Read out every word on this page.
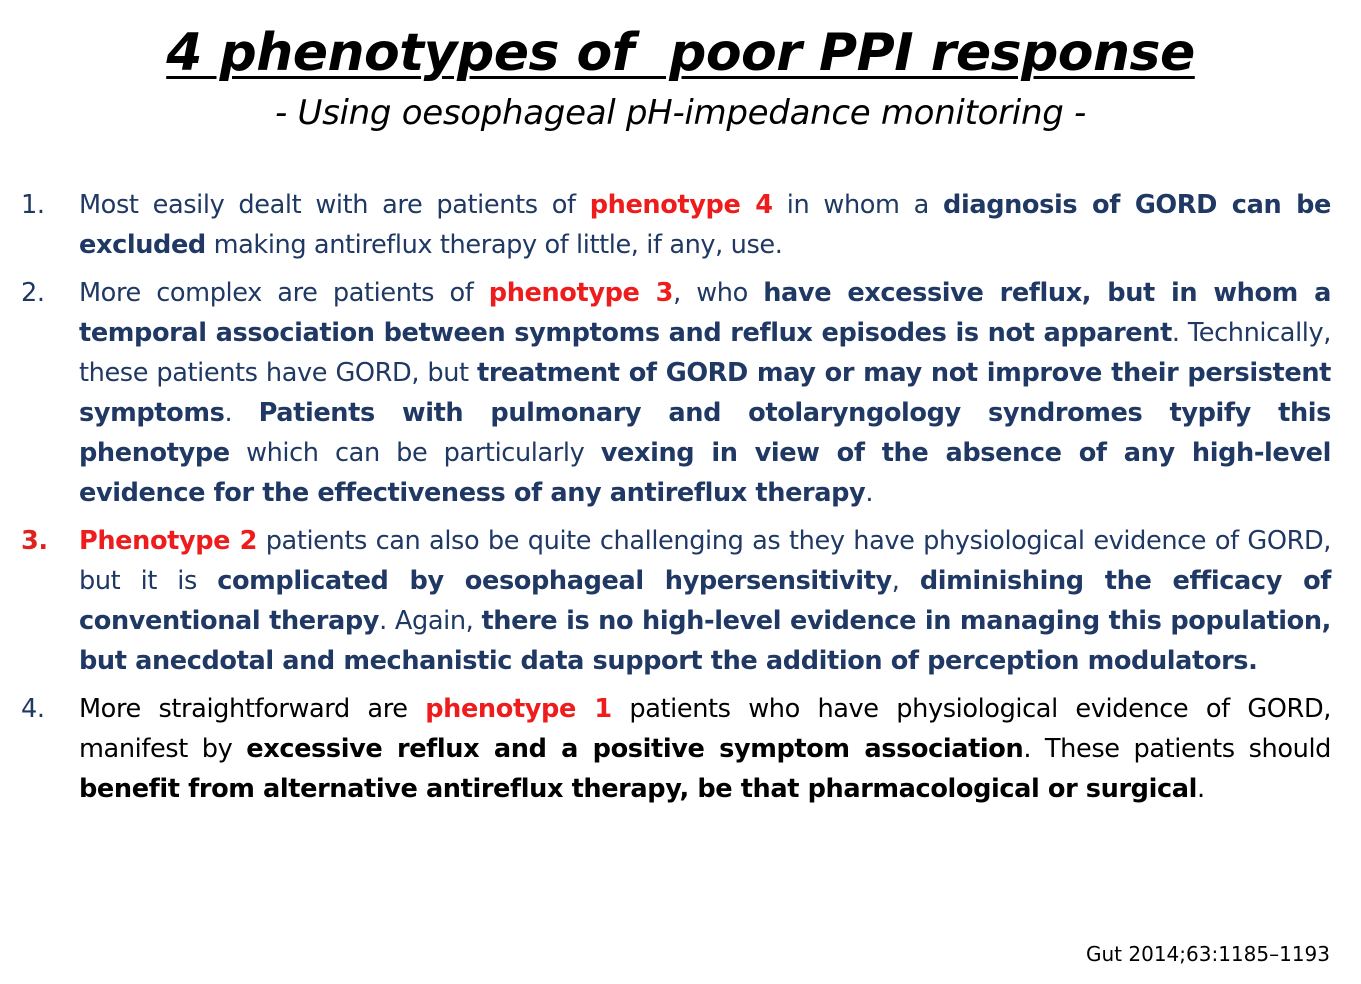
4 phenotypes of  poor PPI response
- Using oesophageal pH-impedance monitoring -
1. Most easily dealt with are patients of phenotype 4 in whom a diagnosis of GORD can be excluded making antireflux therapy of little, if any, use.
2. More complex are patients of phenotype 3, who have excessive reflux, but in whom a temporal association between symptoms and reflux episodes is not apparent. Technically, these patients have GORD, but treatment of GORD may or may not improve their persistent symptoms. Patients with pulmonary and otolaryngology syndromes typify this phenotype which can be particularly vexing in view of the absence of any high-level evidence for the effectiveness of any antireflux therapy.
3. Phenotype 2 patients can also be quite challenging as they have physiological evidence of GORD, but it is complicated by oesophageal hypersensitivity, diminishing the efficacy of conventional therapy. Again, there is no high-level evidence in managing this population, but anecdotal and mechanistic data support the addition of perception modulators.
4. More straightforward are phenotype 1 patients who have physiological evidence of GORD, manifest by excessive reflux and a positive symptom association. These patients should benefit from alternative antireflux therapy, be that pharmacological or surgical.
Gut 2014;63:1185–1193
